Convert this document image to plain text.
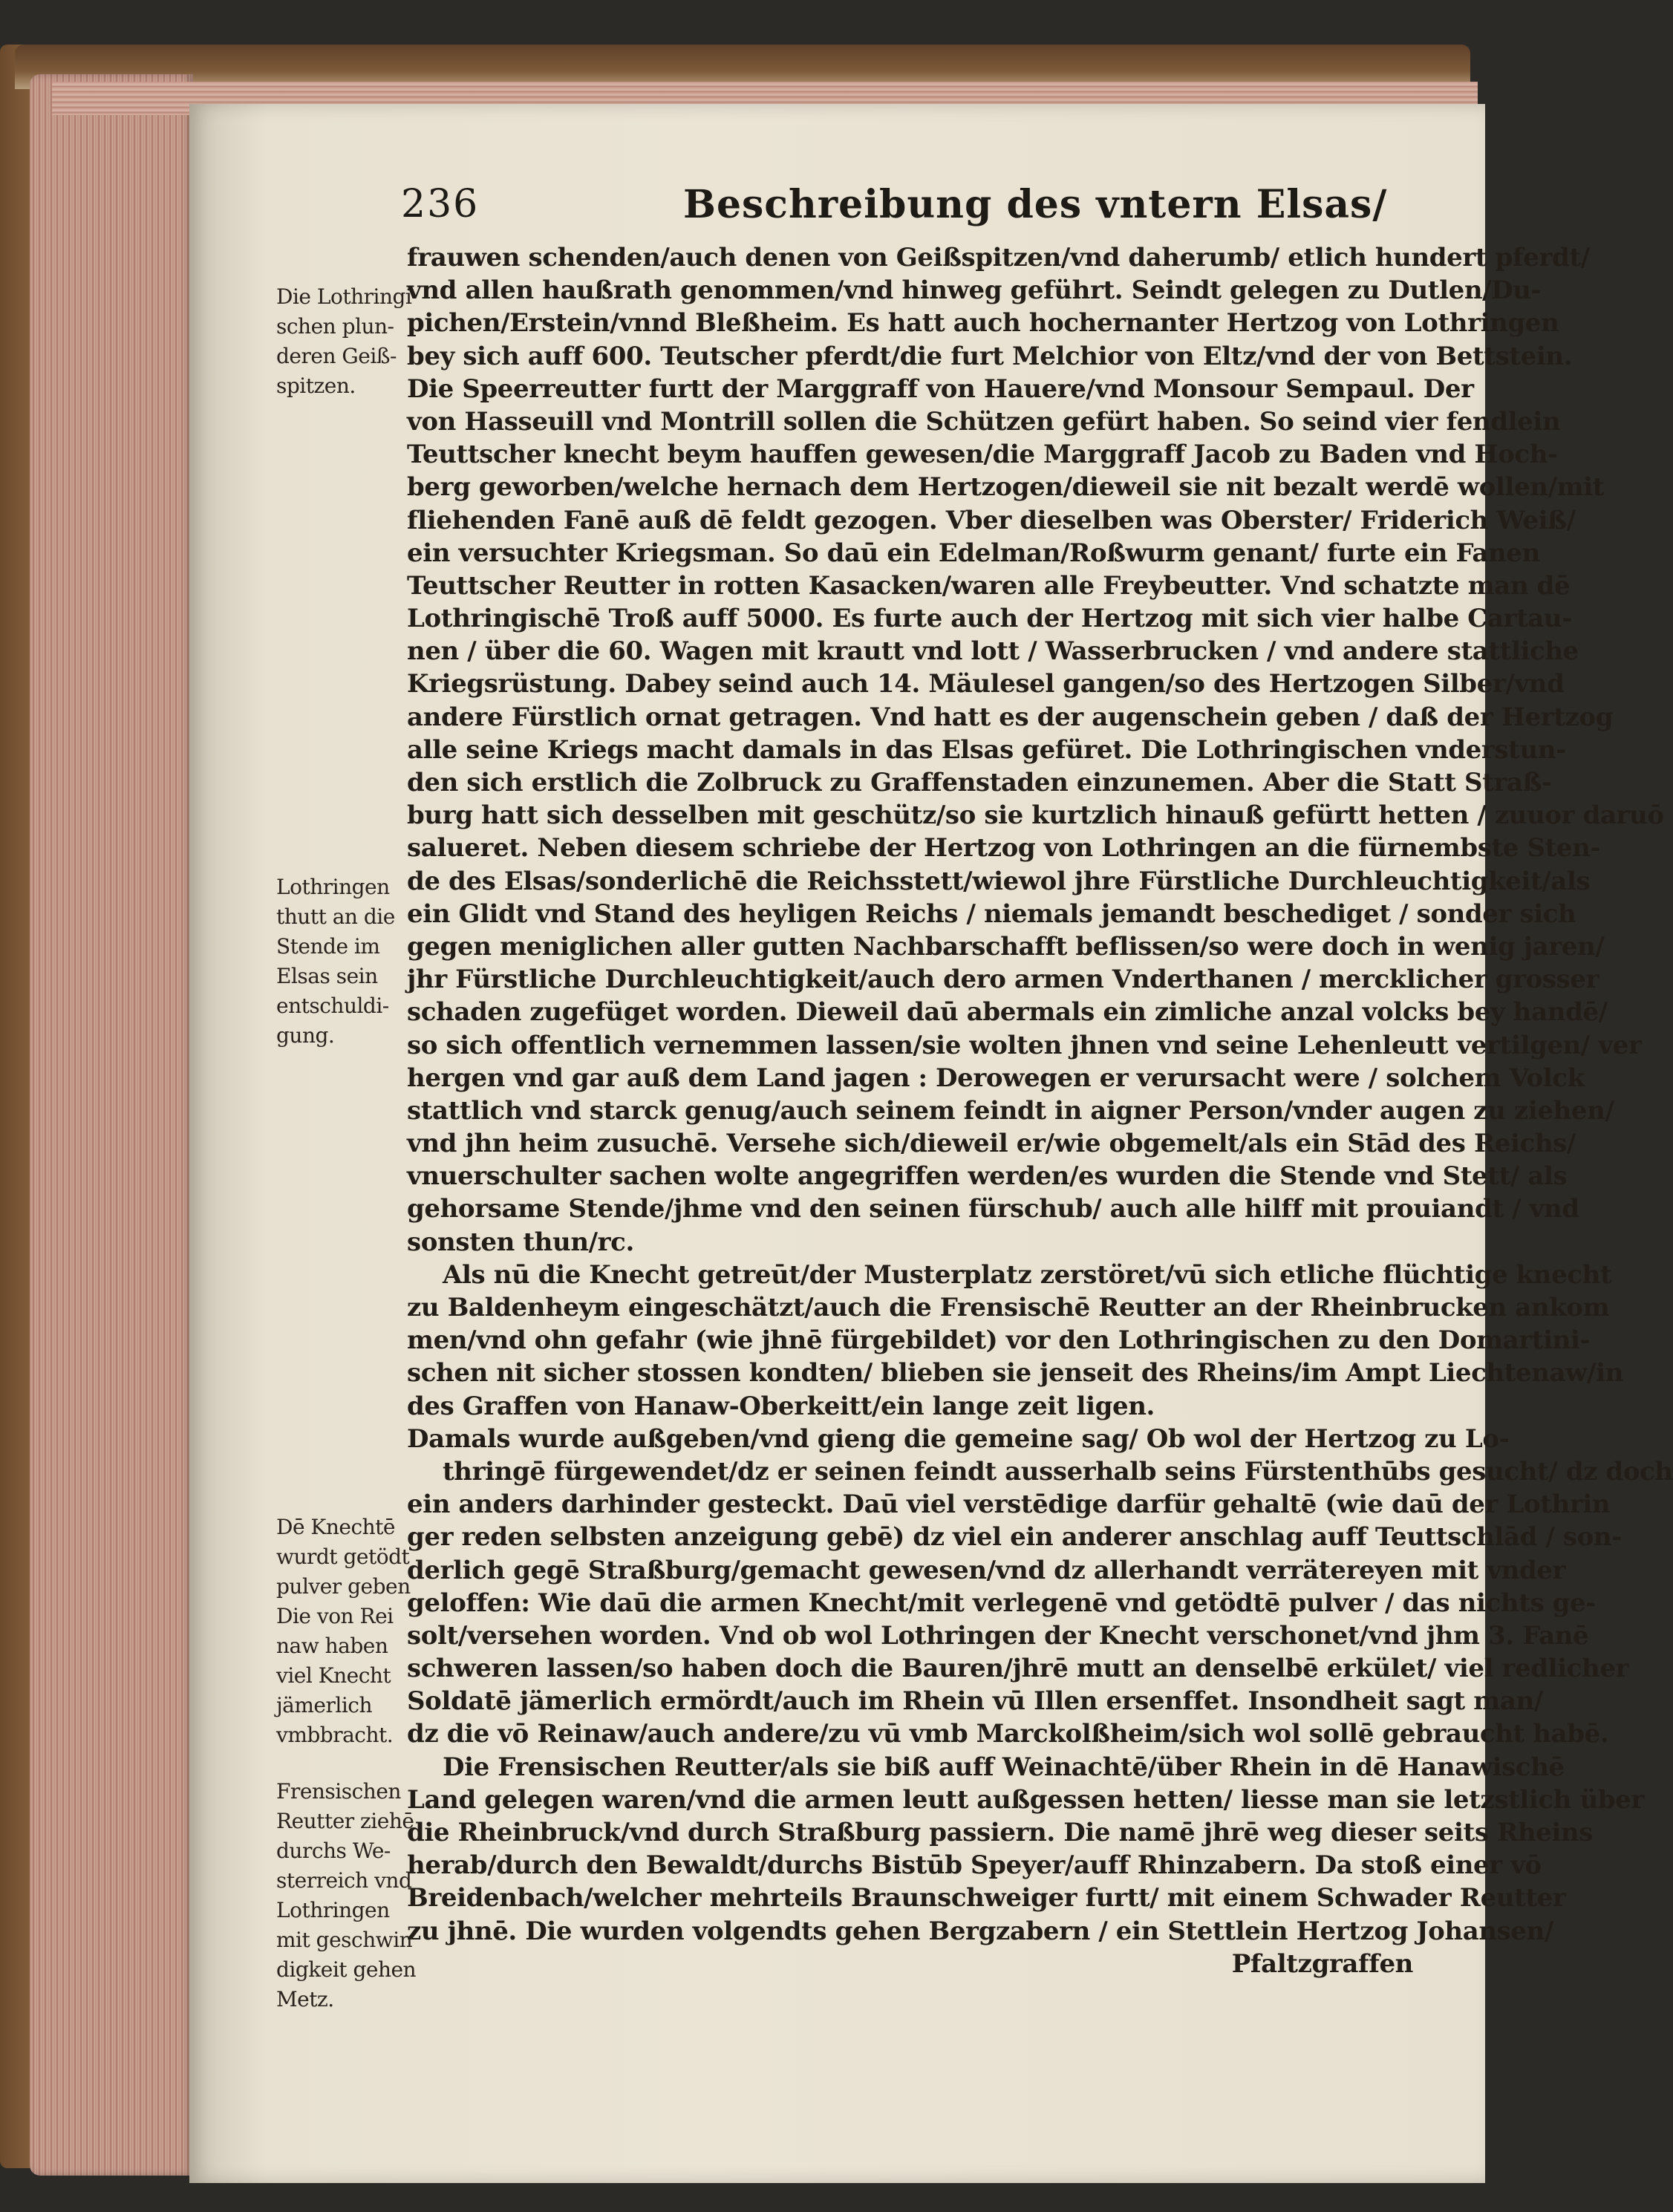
236	Beschreibung des vntern Elsas/
Die Lothringi
schen plun-
deren Geiß-
spitzen.
Lothringen
thutt an die
Stende im
Elsas sein
entschuldi-
gung.
Dē Knechtē
wurdt getödt
pulver geben
Die von Rei
naw haben
viel Knecht
jämerlich
vmbbracht.
Frensischen
Reutter ziehē
durchs We-
sterreich vnd
Lothringen
mit geschwin
digkeit gehen
Metz.
frauwen schenden/auch denen von Geißspitzen/vnd daherumb/ etlich hundert pferdt/
vnd allen haußrath genommen/vnd hinweg geführt. Seindt gelegen zu Dutlen/Du-
pichen/Erstein/vnnd Bleßheim. Es hatt auch hochernanter Hertzog von Lothringen
bey sich auff 600. Teutscher pferdt/die furt Melchior von Eltz/vnd der von Bettstein.
Die Speerreutter furtt der Marggraff von Hauere/vnd Monsour Sempaul. Der
von Hasseuill vnd Montrill sollen die Schützen gefürt haben. So seind vier fendlein
Teuttscher knecht beym hauffen gewesen/die Marggraff Jacob zu Baden vnd Hoch-
berg geworben/welche hernach dem Hertzogen/dieweil sie nit bezalt werdē wollen/mit
fliehenden Fanē auß dē feldt gezogen. Vber dieselben was Oberster/ Friderich Weiß/
ein versuchter Kriegsman. So daū ein Edelman/Roßwurm genant/ furte ein Fanen
Teuttscher Reutter in rotten Kasacken/waren alle Freybeutter. Vnd schatzte man dē
Lothringischē Troß auff 5000. Es furte auch der Hertzog mit sich vier halbe Cartau-
nen / über die 60. Wagen mit krautt vnd lott / Wasserbrucken / vnd andere stattliche
Kriegsrüstung. Dabey seind auch 14. Mäulesel gangen/so des Hertzogen Silber/vnd
andere Fürstlich ornat getragen. Vnd hatt es der augenschein geben / daß der Hertzog
alle seine Kriegs macht damals in das Elsas gefüret. Die Lothringischen vnderstun-
den sich erstlich die Zolbruck zu Graffenstaden einzunemen. Aber die Statt Straß-
burg hatt sich desselben mit geschütz/so sie kurtzlich hinauß gefürtt hetten / zuuor daruō
salueret. Neben diesem schriebe der Hertzog von Lothringen an die fürnembste Sten-
de des Elsas/sonderlichē die Reichsstett/wiewol jhre Fürstliche Durchleuchtigkeit/als
ein Glidt vnd Stand des heyligen Reichs / niemals jemandt beschediget / sonder sich
gegen meniglichen aller gutten Nachbarschafft beflissen/so were doch in wenig jaren/
jhr Fürstliche Durchleuchtigkeit/auch dero armen Vnderthanen / mercklicher grosser
schaden zugefüget worden. Dieweil daū abermals ein zimliche anzal volcks bey handē/
so sich offentlich vernemmen lassen/sie wolten jhnen vnd seine Lehenleutt vertilgen/ ver
hergen vnd gar auß dem Land jagen : Derowegen er verursacht were / solchem Volck
stattlich vnd starck genug/auch seinem feindt in aigner Person/vnder augen zu ziehen/
vnd jhn heim zusuchē. Versehe sich/dieweil er/wie obgemelt/als ein Stād des Reichs/
vnuerschulter sachen wolte angegriffen werden/es wurden die Stende vnd Stett/ als
gehorsame Stende/jhme vnd den seinen fürschub/ auch alle hilff mit prouiandt / vnd
sonsten thun/rc.
Als nū die Knecht getreūt/der Musterplatz zerstöret/vū sich etliche flüchtige knecht
zu Baldenheym eingeschätzt/auch die Frensischē Reutter an der Rheinbrucken ankom
men/vnd ohn gefahr (wie jhnē fürgebildet) vor den Lothringischen zu den Domartini-
schen nit sicher stossen kondten/ blieben sie jenseit des Rheins/im Ampt Liechtenaw/in
des Graffen von Hanaw-Oberkeitt/ein lange zeit ligen.
Damals wurde außgeben/vnd gieng die gemeine sag/ Ob wol der Hertzog zu Lo-
thringē fürgewendet/dz er seinen feindt ausserhalb seins Fürstenthūbs gesucht/ dz doch
ein anders darhinder gesteckt. Daū viel verstēdige darfür gehaltē (wie daū der Lothrin
ger reden selbsten anzeigung gebē) dz viel ein anderer anschlag auff Teuttschlād / son-
derlich gegē Straßburg/gemacht gewesen/vnd dz allerhandt verrätereyen mit vnder
geloffen: Wie daū die armen Knecht/mit verlegenē vnd getödtē pulver / das nichts ge-
solt/versehen worden. Vnd ob wol Lothringen der Knecht verschonet/vnd jhm 3. Fanē
schweren lassen/so haben doch die Bauren/jhrē mutt an denselbē erkület/ viel redlicher
Soldatē jämerlich ermördt/auch im Rhein vū Illen ersenffet. Insondheit sagt man/
dz die vō Reinaw/auch andere/zu vū vmb Marckolßheim/sich wol sollē gebraucht habē.
Die Frensischen Reutter/als sie biß auff Weinachtē/über Rhein in dē Hanawischē
Land gelegen waren/vnd die armen leutt außgessen hetten/ liesse man sie letzstlich über
die Rheinbruck/vnd durch Straßburg passiern. Die namē jhrē weg dieser seits Rheins
herab/durch den Bewaldt/durchs Bistūb Speyer/auff Rhinzabern. Da stoß einer vō
Breidenbach/welcher mehrteils Braunschweiger furtt/ mit einem Schwader Reutter
zu jhnē. Die wurden volgendts gehen Bergzabern / ein Stettlein Hertzog Johansen/
Pfaltzgraffen
